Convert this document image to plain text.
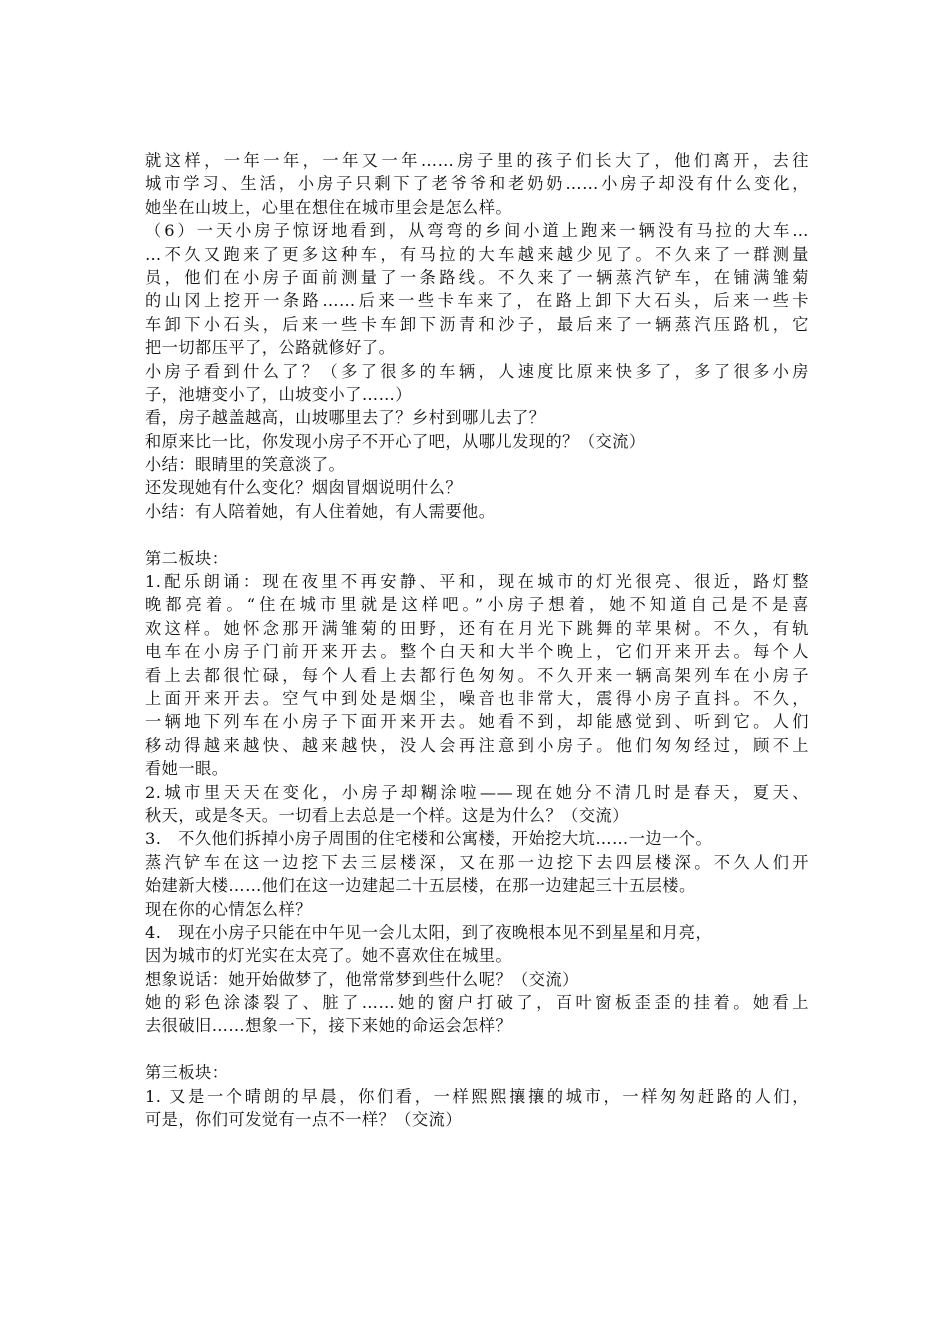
就这样，一年一年，一年又一年……房子里的孩子们长大了，他们离开，去往
城市学习、生活，小房子只剩下了老爷爷和老奶奶……小房子却没有什么变化，
她坐在山坡上，心里在想住在城市里会是怎么样。
（6）一天小房子惊讶地看到，从弯弯的乡间小道上跑来一辆没有马拉的大车…
…不久又跑来了更多这种车，有马拉的大车越来越少见了。不久来了一群测量
员，他们在小房子面前测量了一条路线。不久来了一辆蒸汽铲车，在铺满雏菊
的山冈上挖开一条路……后来一些卡车来了，在路上卸下大石头，后来一些卡
车卸下小石头，后来一些卡车卸下沥青和沙子，最后来了一辆蒸汽压路机，它
把一切都压平了，公路就修好了。
小房子看到什么了？（多了很多的车辆，人速度比原来快多了，多了很多小房
子，池塘变小了，山坡变小了……）
看，房子越盖越高，山坡哪里去了？乡村到哪儿去了？
和原来比一比，你发现小房子不开心了吧，从哪儿发现的？（交流）
小结：眼睛里的笑意淡了。
还发现她有什么变化？烟囱冒烟说明什么？
小结：有人陪着她，有人住着她，有人需要他。
第二板块：
1.配乐朗诵：现在夜里不再安静、平和，现在城市的灯光很亮、很近，路灯整
晚都亮着。“住在城市里就是这样吧。”小房子想着，她不知道自己是不是喜
欢这样。她怀念那开满雏菊的田野，还有在月光下跳舞的苹果树。不久，有轨
电车在小房子门前开来开去。整个白天和大半个晚上，它们开来开去。每个人
看上去都很忙碌，每个人看上去都行色匆匆。不久开来一辆高架列车在小房子
上面开来开去。空气中到处是烟尘，噪音也非常大，震得小房子直抖。不久，
一辆地下列车在小房子下面开来开去。她看不到，却能感觉到、听到它。人们
移动得越来越快、越来越快，没人会再注意到小房子。他们匆匆经过，顾不上
看她一眼。
2.城市里天天在变化，小房子却糊涂啦——现在她分不清几时是春天，夏天、
秋天，或是冬天。一切看上去总是一个样。这是为什么？（交流）
3.　不久他们拆掉小房子周围的住宅楼和公寓楼，开始挖大坑……一边一个。
蒸汽铲车在这一边挖下去三层楼深，又在那一边挖下去四层楼深。不久人们开
始建新大楼……他们在这一边建起二十五层楼，在那一边建起三十五层楼。
现在你的心情怎么样？
4.　现在小房子只能在中午见一会儿太阳，到了夜晚根本见不到星星和月亮，
因为城市的灯光实在太亮了。她不喜欢住在城里。
想象说话：她开始做梦了，他常常梦到些什么呢？（交流）
她的彩色涂漆裂了、脏了……她的窗户打破了，百叶窗板歪歪的挂着。她看上
去很破旧……想象一下，接下来她的命运会怎样？
第三板块：
1. 又是一个晴朗的早晨，你们看，一样熙熙攘攘的城市，一样匆匆赶路的人们，
可是，你们可发觉有一点不一样？（交流）
